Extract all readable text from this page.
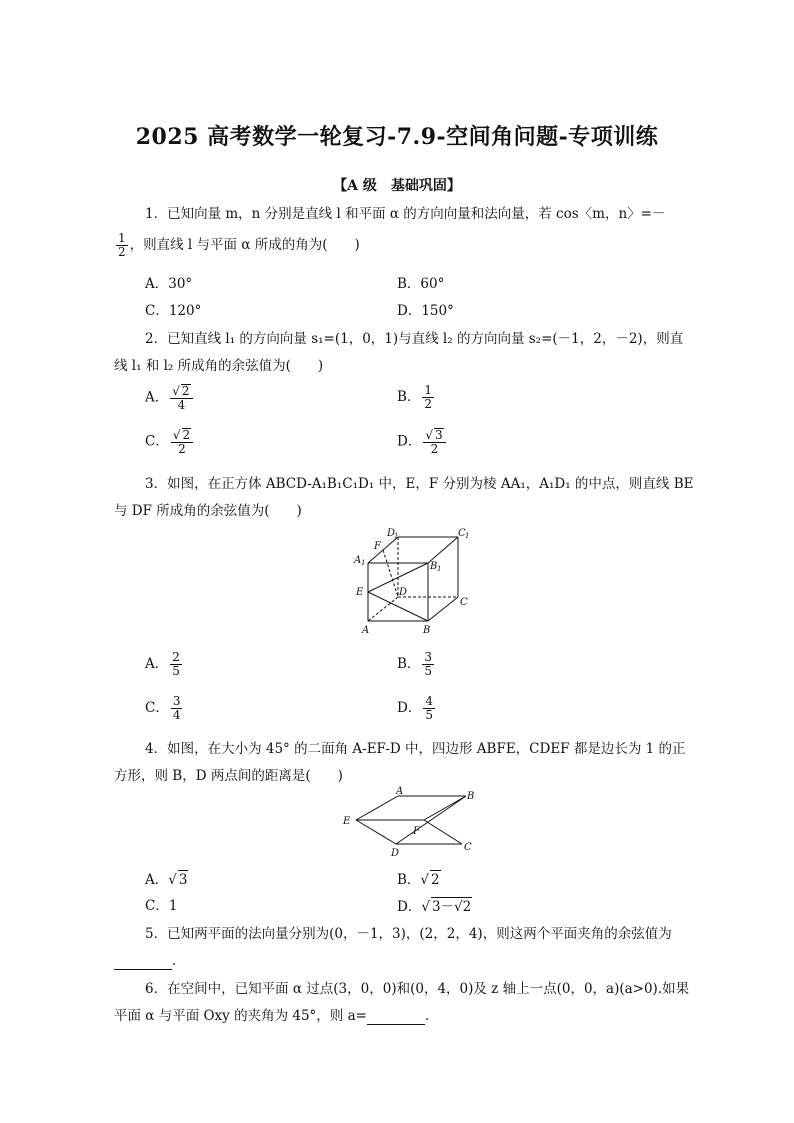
2025 高考数学一轮复习-7.9-空间角问题-专项训练
【A 级　基础巩固】
1．已知向量 m，n 分别是直线 l 和平面 α 的方向向量和法向量，若 cos〈m，n〉=－
$\frac{1}{2}$ ，则直线 l 与平面 α 所成的角为(　　)
A．30°	B．60°
C．120°	D．150°
2．已知直线 l₁ 的方向向量 s₁=(1，0，1)与直线 l₂ 的方向向量 s₂=(－1，2，－2)，则直
线 l₁ 和 l₂ 所成角的余弦值为(　　)
A． $\frac{√ 2}{4}$	B． $\frac{1}{2}$
C． $\frac{√ 2}{2}$	D． $\frac{√ 3}{2}$
3．如图，在正方体 ABCD-A₁B₁C₁D₁ 中，E，F 分别为棱 AA₁，A₁D₁ 的中点，则直线 BE
与 DF 所成角的余弦值为(　　)
D
1	C 1
F
A 1	B 1
E	D
C
A	B
A． $\frac{2}{5}$	B． $\frac{3}{5}$
C． $\frac{3}{4}$	D． $\frac{4}{5}$
4．如图，在大小为 45° 的二面角 A-EF-D 中，四边形 ABFE，CDEF 都是边长为 1 的正
方形，则 B，D 两点间的距离是(　　)
A	B
E
F
D
C
A．√ 3	B．√ 2
C．1	D．√ 3－√2
5．已知两平面的法向量分别为(0，－1，3)，(2，2，4)，则这两个平面夹角的余弦值为
．
6．在空间中，已知平面 α 过点(3，0，0)和(0，4，0)及 z 轴上一点(0，0，a)(a>0).如果
平面 α 与平面 Oxy 的夹角为 45°，则 a=	．
